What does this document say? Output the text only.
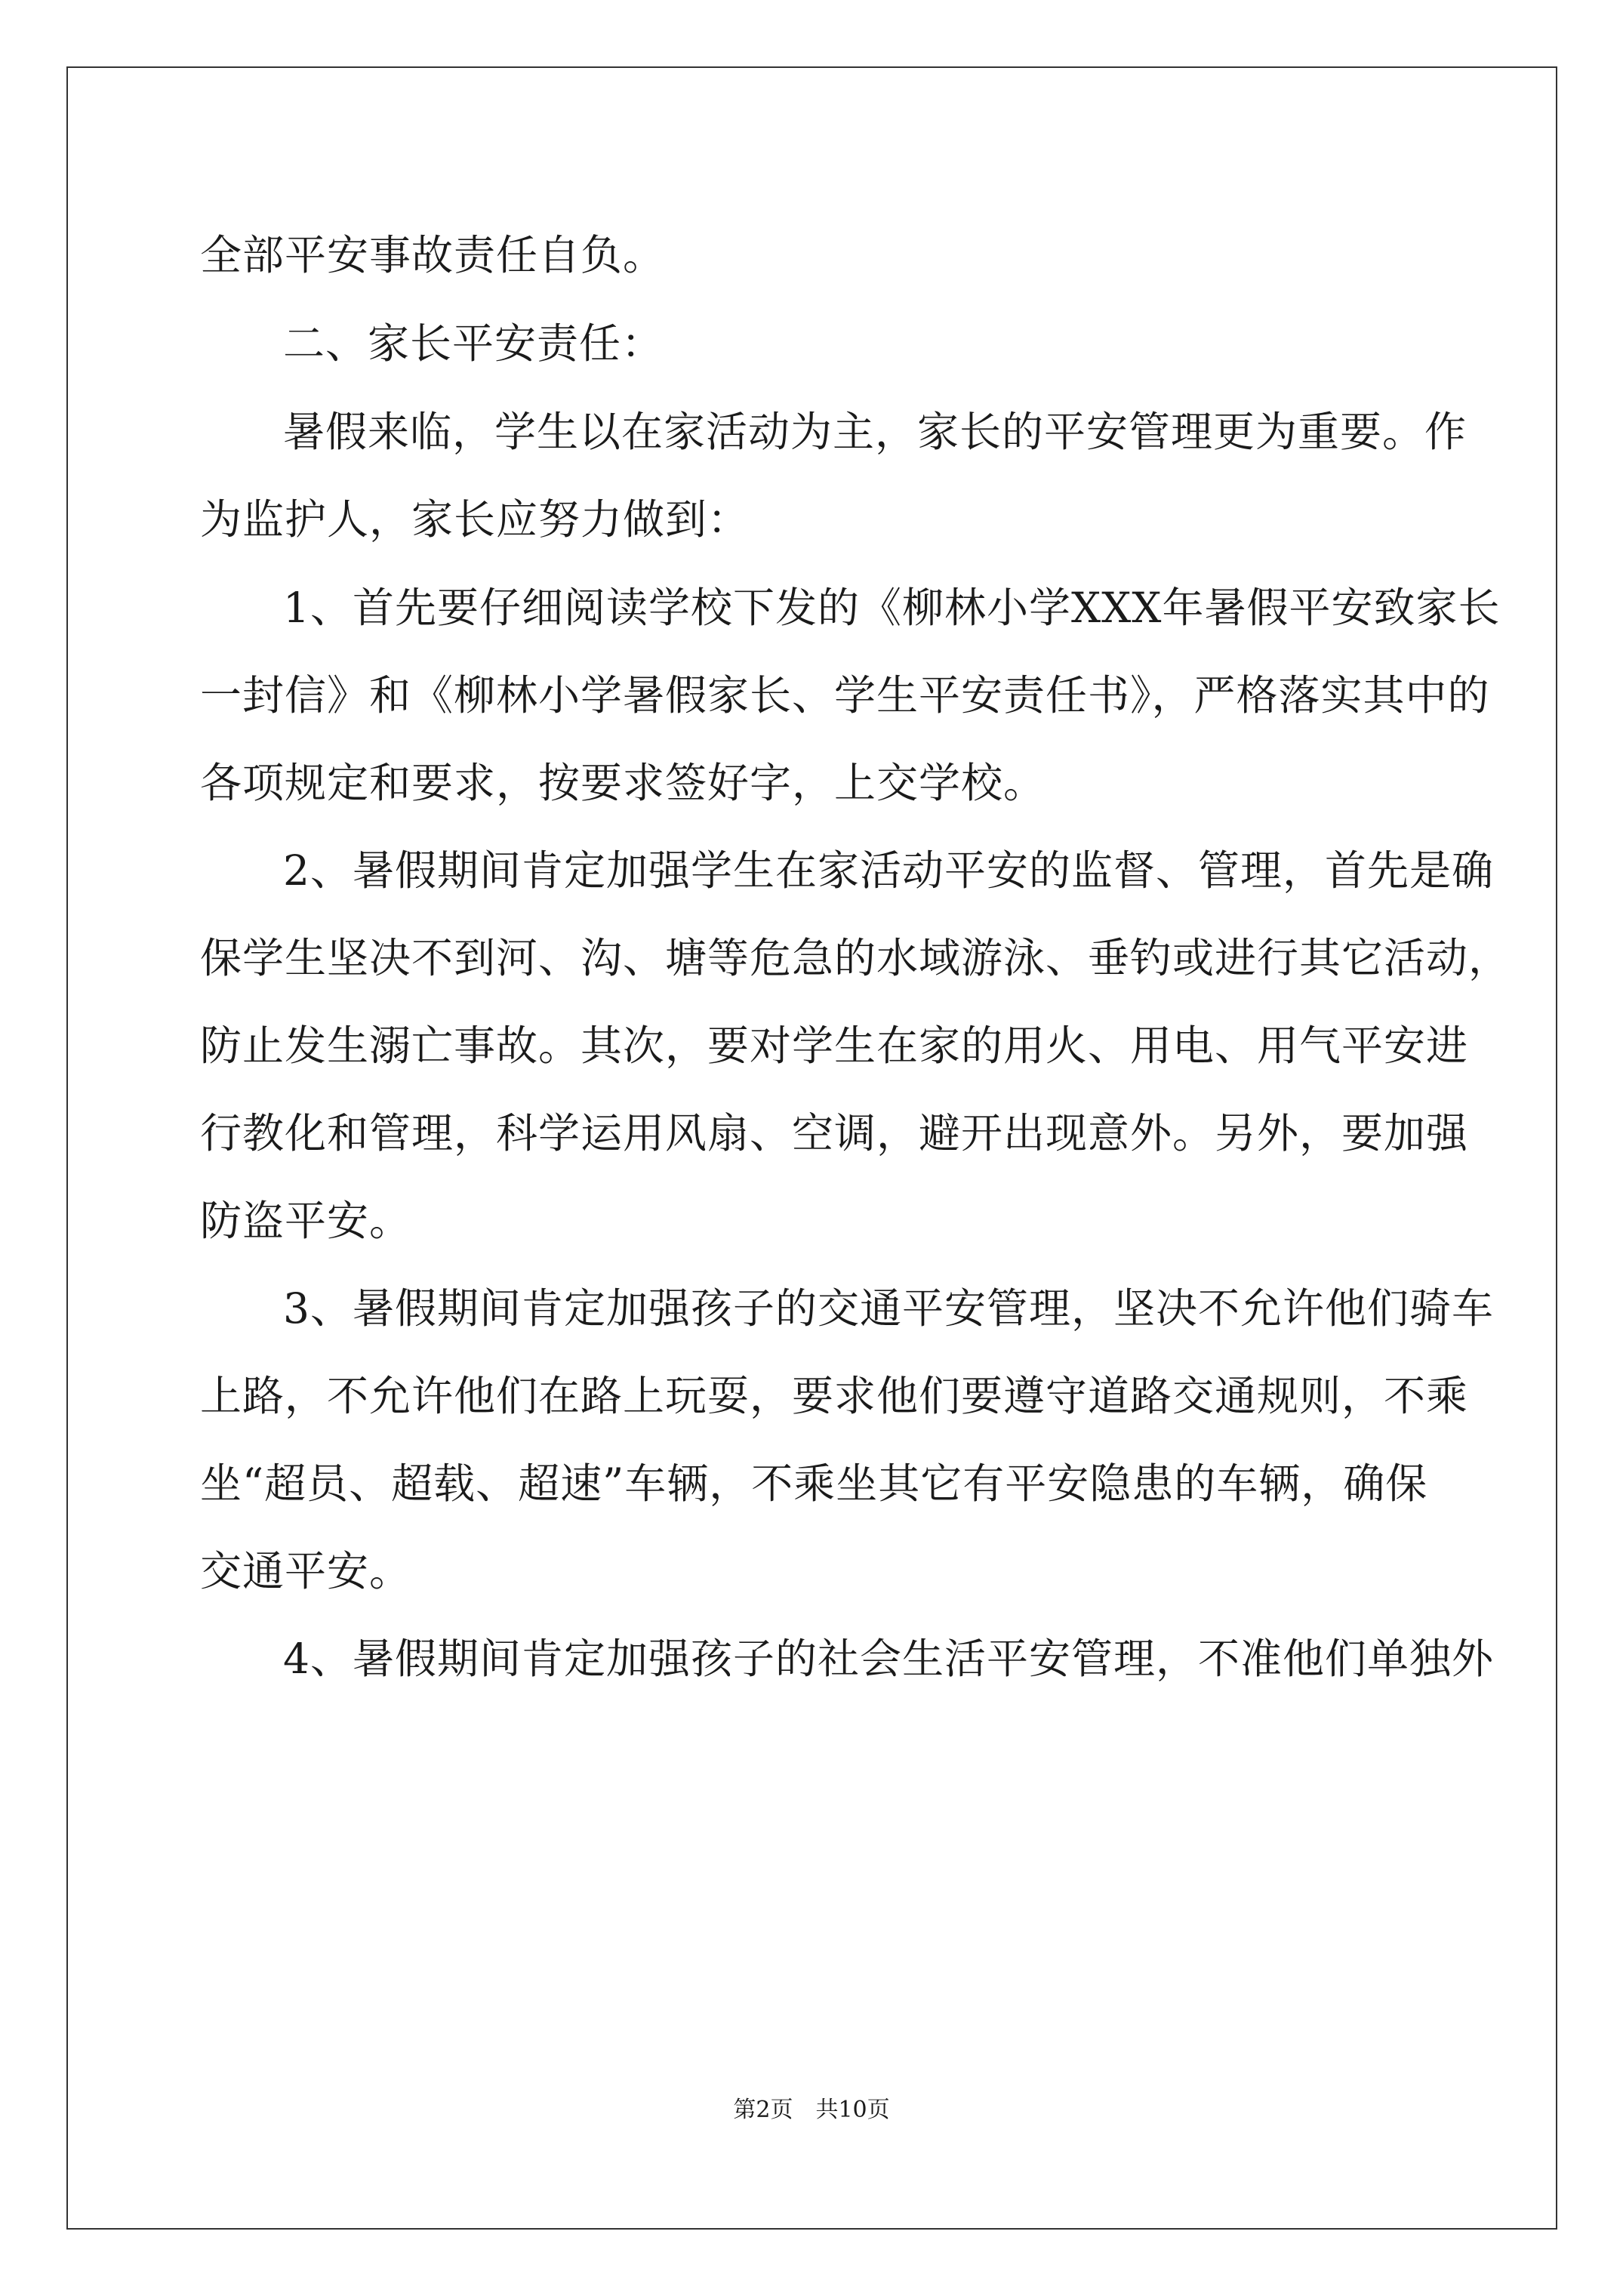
全部平安事故责任自负。
二、家长平安责任：
暑假来临，学生以在家活动为主，家长的平安管理更为重要。作
为监护人，家长应努力做到：
1、首先要仔细阅读学校下发的《柳林小学XXX年暑假平安致家长
一封信》和《柳林小学暑假家长、学生平安责任书》，严格落实其中的
各项规定和要求，按要求签好字，上交学校。
2、暑假期间肯定加强学生在家活动平安的监督、管理，首先是确
保学生坚决不到河、沟、塘等危急的水域游泳、垂钓或进行其它活动，
防止发生溺亡事故。其次，要对学生在家的用火、用电、用气平安进
行教化和管理，科学运用风扇、空调，避开出现意外。另外，要加强
防盗平安。
3、暑假期间肯定加强孩子的交通平安管理，坚决不允许他们骑车
上路，不允许他们在路上玩耍，要求他们要遵守道路交通规则，不乘
坐“超员、超载、超速”车辆，不乘坐其它有平安隐患的车辆，确保
交通平安。
4、暑假期间肯定加强孩子的社会生活平安管理，不准他们单独外
第2页 共10页
